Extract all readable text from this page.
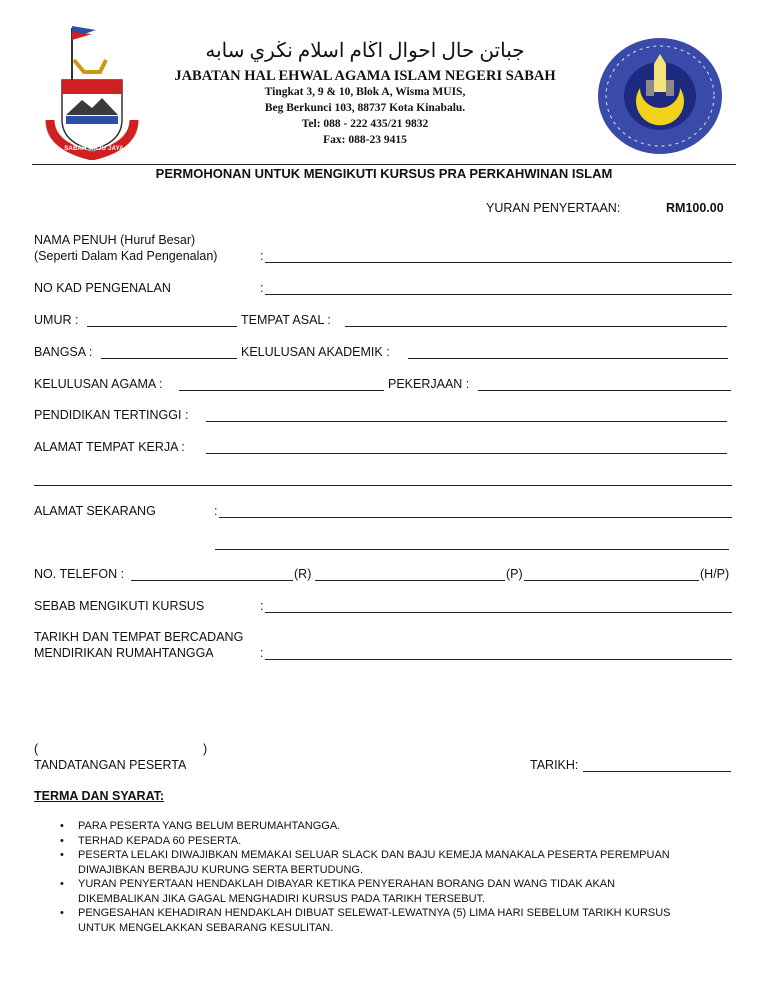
SABAH MAJU JAYA
جباتن حال احوال اڬام اسلام نڬري سابه
JABATAN HAL EHWAL AGAMA ISLAM NEGERI SABAH
Tingkat 3, 9 & 10, Blok A, Wisma MUIS,
Beg Berkunci 103, 88737 Kota Kinabalu.
Tel: 088 - 222 435/21 9832
Fax: 088-23 9415
PERMOHONAN UNTUK MENGIKUTI KURSUS PRA PERKAHWINAN ISLAM
YURAN PENYERTAAN:	RM100.00
NAMA PENUH (Huruf Besar)
(Seperti Dalam Kad Pengenalan)	:
NO KAD PENGENALAN	:
UMUR :	TEMPAT ASAL :
BANGSA :	KELULUSAN AKADEMIK :
KELULUSAN AGAMA :	PEKERJAAN :
PENDIDIKAN TERTINGGI :
ALAMAT TEMPAT KERJA :
ALAMAT SEKARANG	:
NO. TELEFON :	(R)	(P)	(H/P)
SEBAB MENGIKUTI KURSUS	:
TARIKH DAN TEMPAT BERCADANG
MENDIRIKAN RUMAHTANGGA	:
(	)
TANDATANGAN PESERTA	TARIKH:
TERMA DAN SYARAT:
• PARA PESERTA YANG BELUM BERUMAHTANGGA.
• TERHAD KEPADA 60 PESERTA.
• PESERTA LELAKI DIWAJIBKAN MEMAKAI SELUAR SLACK DAN BAJU KEMEJA MANAKALA PESERTA PEREMPUAN DIWAJIBKAN BERBAJU KURUNG SERTA BERTUDUNG.
• YURAN PENYERTAAN HENDAKLAH DIBAYAR KETIKA PENYERAHAN BORANG DAN WANG TIDAK AKAN DIKEMBALIKAN JIKA GAGAL MENGHADIRI KURSUS PADA TARIKH TERSEBUT.
• PENGESAHAN KEHADIRAN HENDAKLAH DIBUAT SELEWAT-LEWATNYA (5) LIMA HARI SEBELUM TARIKH KURSUS UNTUK MENGELAKKAN SEBARANG KESULITAN.
